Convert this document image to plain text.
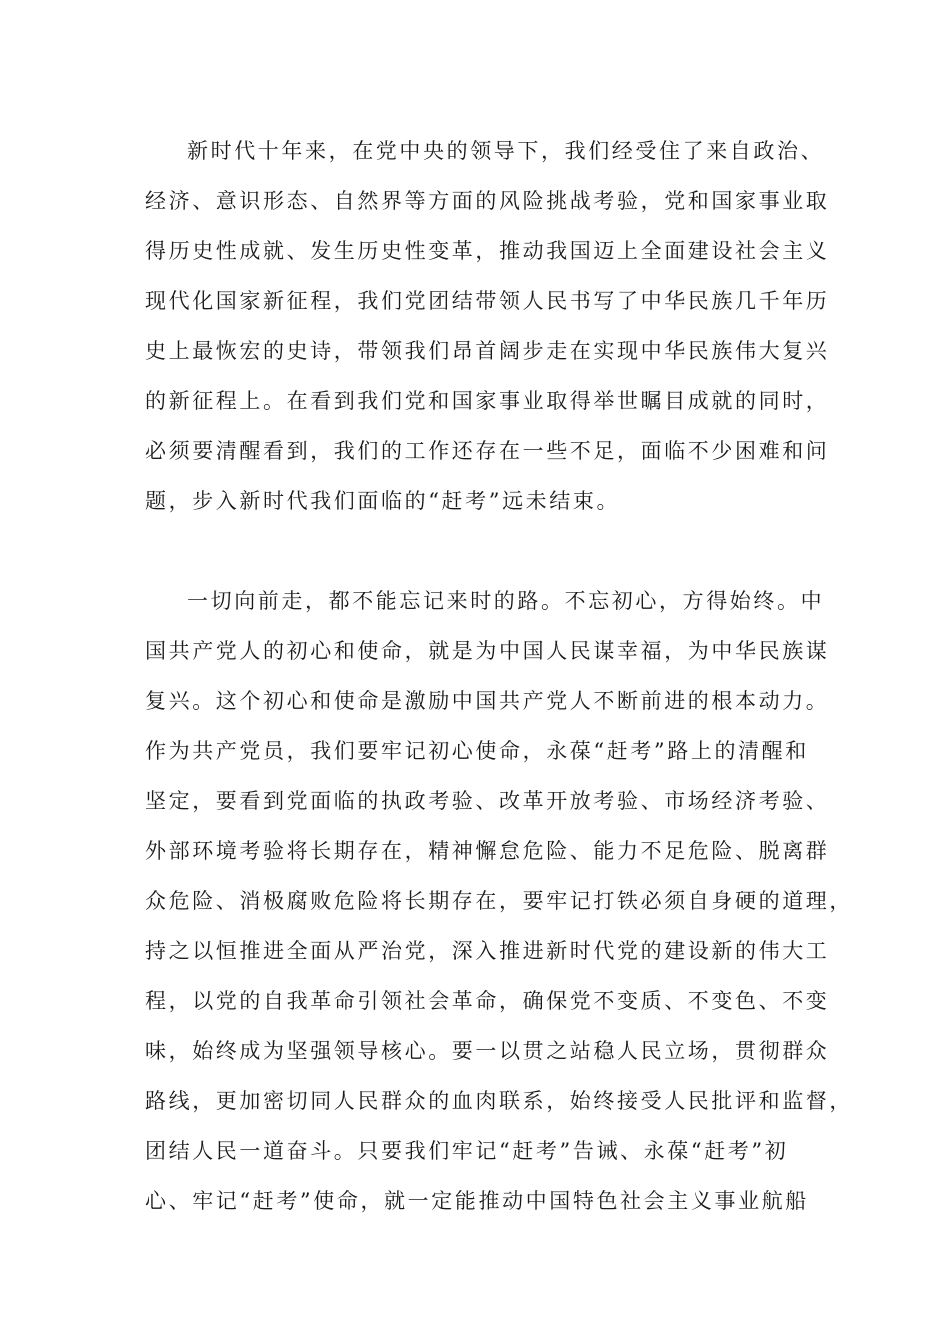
新时代十年来，在党中央的领导下，我们经受住了来自政治、
经济、意识形态、自然界等方面的风险挑战考验，党和国家事业取
得历史性成就、发生历史性变革，推动我国迈上全面建设社会主义
现代化国家新征程，我们党团结带领人民书写了中华民族几千年历
史上最恢宏的史诗，带领我们昂首阔步走在实现中华民族伟大复兴
的新征程上。在看到我们党和国家事业取得举世瞩目成就的同时，
必须要清醒看到，我们的工作还存在一些不足，面临不少困难和问
题，步入新时代我们面临的“赶考”远未结束。
一切向前走，都不能忘记来时的路。不忘初心，方得始终。中
国共产党人的初心和使命，就是为中国人民谋幸福，为中华民族谋
复兴。这个初心和使命是激励中国共产党人不断前进的根本动力。
作为共产党员，我们要牢记初心使命，永葆“赶考”路上的清醒和
坚定，要看到党面临的执政考验、改革开放考验、市场经济考验、
外部环境考验将长期存在，精神懈怠危险、能力不足危险、脱离群
众危险、消极腐败危险将长期存在，要牢记打铁必须自身硬的道理，
持之以恒推进全面从严治党，深入推进新时代党的建设新的伟大工
程，以党的自我革命引领社会革命，确保党不变质、不变色、不变
味，始终成为坚强领导核心。要一以贯之站稳人民立场，贯彻群众
路线，更加密切同人民群众的血肉联系，始终接受人民批评和监督，
团结人民一道奋斗。只要我们牢记“赶考”告诫、永葆“赶考”初
心、牢记“赶考”使命，就一定能推动中国特色社会主义事业航船
